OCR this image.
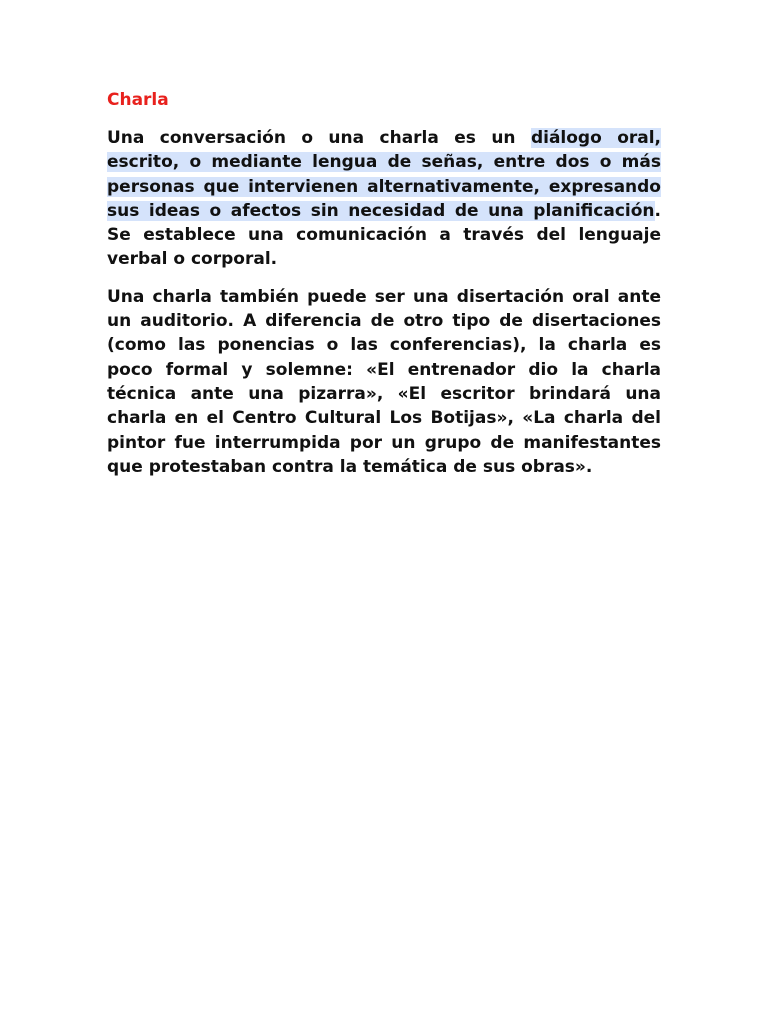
Charla

Una conversación o una charla es un diálogo oral, escrito, o mediante lengua de señas, entre dos o más personas que intervienen alternativamente, expresando sus ideas o afectos sin necesidad de una planificación. Se establece una comunicación a través del lenguaje verbal o corporal.

Una charla también puede ser una disertación oral ante un auditorio. A diferencia de otro tipo de disertaciones (como las ponencias o las conferencias), la charla es poco formal y solemne: «El entrenador dio la charla técnica ante una pizarra», «El escritor brindará una charla en el Centro Cultural Los Botijas», «La charla del pintor fue interrumpida por un grupo de manifestantes que protestaban contra la temática de sus obras».
